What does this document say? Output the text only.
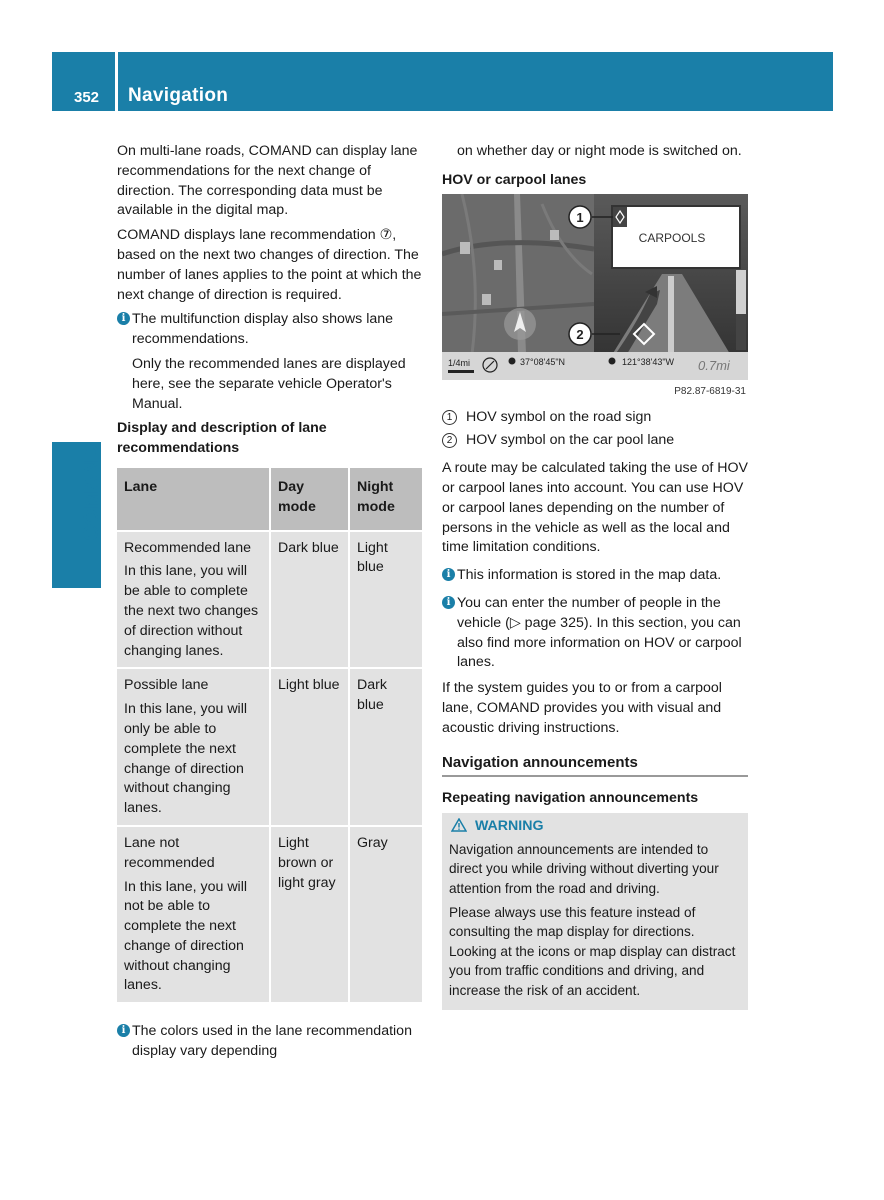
352 Navigation
COMAND

On multi-lane roads, COMAND can display lane recommendations for the next change of direction. The corresponding data must be available in the digital map.

COMAND displays lane recommendation ⑦, based on the next two changes of direction. The number of lanes applies to the point at which the next change of direction is required.

i The multifunction display also shows lane recommendations.

Only the recommended lanes are displayed here, see the separate vehicle Operator's Manual.

Display and description of lane recommendations
Lane	Day mode	Night mode

Recommended lane
In this lane, you will be able to complete the next two changes of direction without changing lanes.	Dark blue	Light blue

Possible lane
In this lane, you will only be able to complete the next change of direction without changing lanes.	Light blue	Dark blue

Lane not recommended
In this lane, you will not be able to complete the next change of direction without changing lanes.	Light brown or light gray	Gray
i The colors used in the lane recommendation display vary depending

on whether day or night mode is switched on.

HOV or carpool lanes
CARPOOLS
1
2
1/4mi	37°08'45"N	121°38'43"W 0.7mi
P82.87-6819-31
1 HOV symbol on the road sign
2 HOV symbol on the car pool lane

A route may be calculated taking the use of HOV or carpool lanes into account. You can use HOV or carpool lanes depending on the number of persons in the vehicle as well as the local and time limitation conditions.

i This information is stored in the map data.
i You can enter the number of people in the vehicle (▷ page 325). In this section, you can also find more information on HOV or carpool lanes.

If the system guides you to or from a carpool lane, COMAND provides you with visual and acoustic driving instructions.

Navigation announcements
Repeating navigation announcements
WARNING

Navigation announcements are intended to direct you while driving without diverting your attention from the road and driving.

Please always use this feature instead of consulting the map display for directions. Looking at the icons or map display can distract you from traffic conditions and driving, and increase the risk of an accident.
